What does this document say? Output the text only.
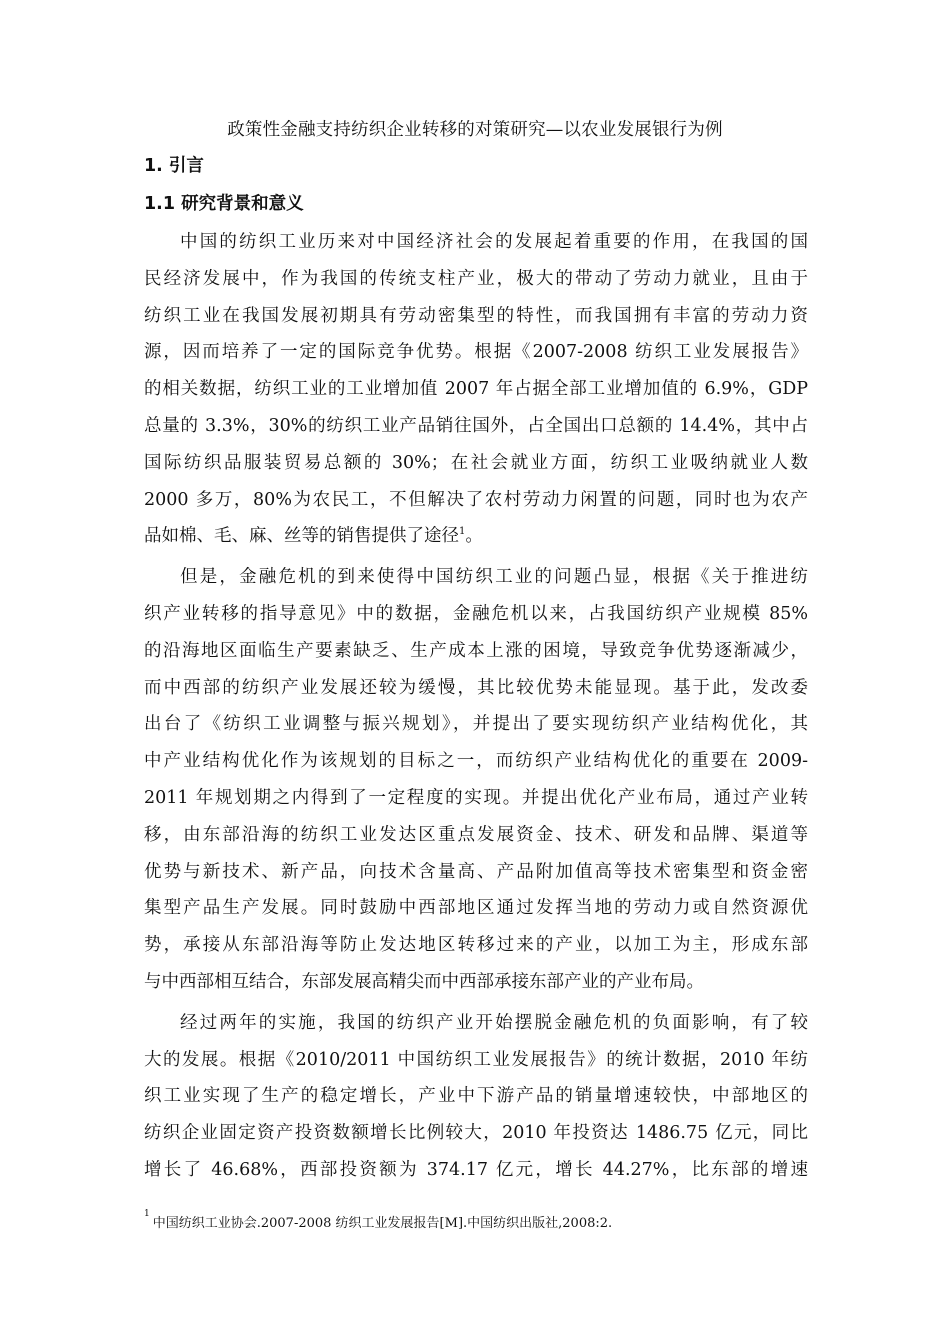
政策性金融支持纺织企业转移的对策研究—以农业发展银行为例
1. 引言
1.1 研究背景和意义
中国的纺织工业历来对中国经济社会的发展起着重要的作用，在我国的国
民经济发展中，作为我国的传统支柱产业，极大的带动了劳动力就业，且由于
纺织工业在我国发展初期具有劳动密集型的特性，而我国拥有丰富的劳动力资
源，因而培养了一定的国际竞争优势。根据《2007-2008 纺织工业发展报告》
的相关数据，纺织工业的工业增加值 2007 年占据全部工业增加值的 6.9%，GDP
总量的 3.3%，30%的纺织工业产品销往国外，占全国出口总额的 14.4%，其中占
国际纺织品服装贸易总额的 30%；在社会就业方面，纺织工业吸纳就业人数
2000 多万，80%为农民工，不但解决了农村劳动力闲置的问题，同时也为农产
品如棉、毛、麻、丝等的销售提供了途径$^1$。
但是，金融危机的到来使得中国纺织工业的问题凸显，根据《关于推进纺
织产业转移的指导意见》中的数据，金融危机以来，占我国纺织产业规模 85%
的沿海地区面临生产要素缺乏、生产成本上涨的困境，导致竞争优势逐渐减少，
而中西部的纺织产业发展还较为缓慢，其比较优势未能显现。基于此，发改委
出台了《纺织工业调整与振兴规划》，并提出了要实现纺织产业结构优化，其
中产业结构优化作为该规划的目标之一，而纺织产业结构优化的重要在 2009-
2011 年规划期之内得到了一定程度的实现。并提出优化产业布局，通过产业转
移，由东部沿海的纺织工业发达区重点发展资金、技术、研发和品牌、渠道等
优势与新技术、新产品，向技术含量高、产品附加值高等技术密集型和资金密
集型产品生产发展。同时鼓励中西部地区通过发挥当地的劳动力或自然资源优
势，承接从东部沿海等防止发达地区转移过来的产业，以加工为主，形成东部
与中西部相互结合，东部发展高精尖而中西部承接东部产业的产业布局。
经过两年的实施，我国的纺织产业开始摆脱金融危机的负面影响，有了较
大的发展。根据《2010/2011 中国纺织工业发展报告》的统计数据，2010 年纺
织工业实现了生产的稳定增长，产业中下游产品的销量增速较快，中部地区的
纺织企业固定资产投资数额增长比例较大，2010 年投资达 1486.75 亿元，同比
增长了 46.68%，西部投资额为 374.17 亿元，增长 44.27%，比东部的增速
$^1$中国纺织工业协会.2007-2008 纺织工业发展报告[M].中国纺织出版社,2008:2.
